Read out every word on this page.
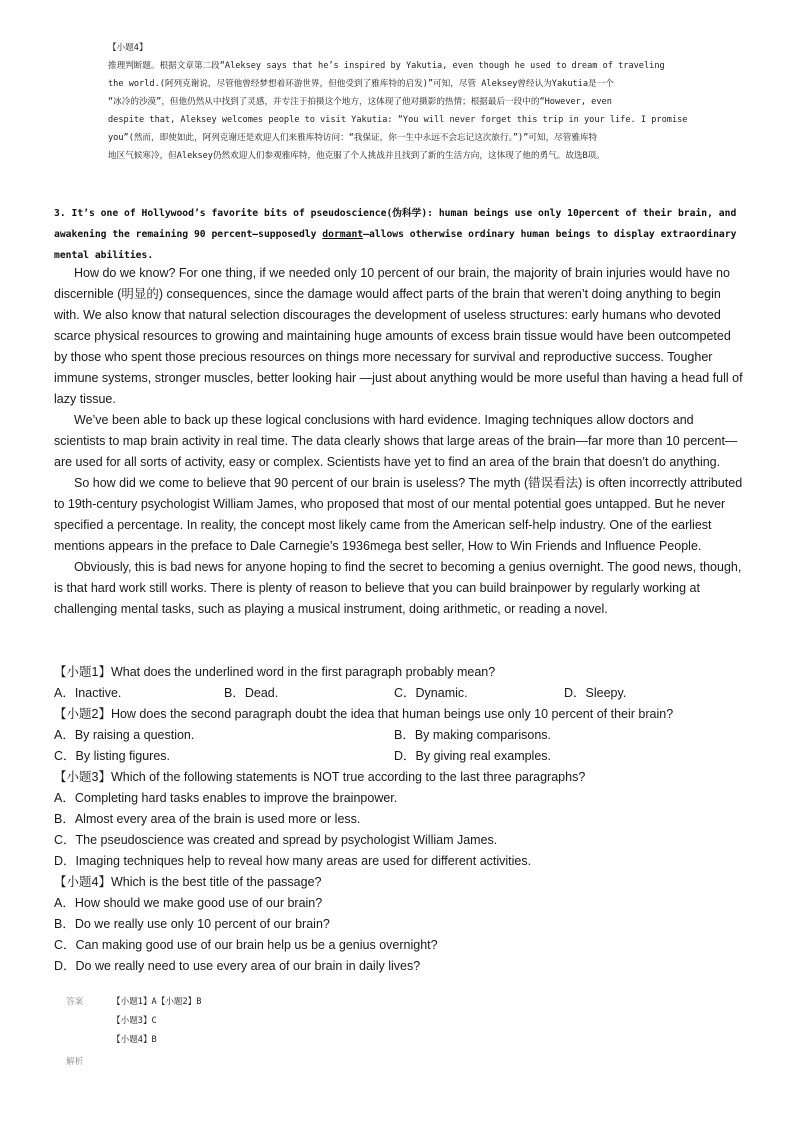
【小题4】

推理判断题。根据文章第二段“Aleksey says that he’s inspired by Yakutia, even though he used to dream of traveling

the world.(阿列克谢说，尽管他曾经梦想着环游世界，但他受到了雅库特的启发)”可知，尽管 Aleksey曾经认为Yakutia是一个

“冰冷的沙漠”，但他仍然从中找到了灵感，并专注于拍摄这个地方，这体现了他对摄影的热情；根据最后一段中的“However, even

despite that, Aleksey welcomes people to visit Yakutia: “You will never forget this trip in your life. I promise

you”(然而，即使如此，阿列克谢还是欢迎人们来雅库特访问：“我保证，你一生中永远不会忘记这次旅行。”)”可知，尽管雅库特

地区气候寒冷，但Aleksey仍然欢迎人们参观雅库特，他克服了个人挑战并且找到了新的生活方向，这体现了他的勇气。故选B项。

3. It’s one of Hollywood’s favorite bits of pseudoscience(伪科学): human beings use only 10percent of their brain, and awakening the remaining 90 percent—supposedly dormant—allows otherwise ordinary human beings to display extraordinary mental abilities.

How do we know? For one thing, if we needed only 10 percent of our brain, the majority of brain injuries would have no discernible (明显的) consequences, since the damage would affect parts of the brain that weren’t doing anything to begin with. We also know that natural selection discourages the development of useless structures: early humans who devoted scarce physical resources to growing and maintaining huge amounts of excess brain tissue would have been outcompeted by those who spent those precious resources on things more necessary for survival and reproductive success. Tougher immune systems, stronger muscles, better looking hair —just about anything would be more useful than having a head full of lazy tissue.

We’ve been able to back up these logical conclusions with hard evidence. Imaging techniques allow doctors and scientists to map brain activity in real time. The data clearly shows that large areas of the brain—far more than 10 percent—are used for all sorts of activity, easy or complex. Scientists have yet to find an area of the brain that doesn’t do anything.

So how did we come to believe that 90 percent of our brain is useless? The myth (错误看法) is often incorrectly attributed to 19th-century psychologist William James, who proposed that most of our mental potential goes untapped. But he never specified a percentage. In reality, the concept most likely came from the American self-help industry. One of the earliest mentions appears in the preface to Dale Carnegie’s 1936mega best seller, How to Win Friends and Influence People.

Obviously, this is bad news for anyone hoping to find the secret to becoming a genius overnight. The good news, though, is that hard work still works. There is plenty of reason to believe that you can build brainpower by regularly working at challenging mental tasks, such as playing a musical instrument, doing arithmetic, or reading a novel.

【小题1】What does the underlined word in the first paragraph probably mean?

A．Inactive.	B．Dead.	C．Dynamic.	D．Sleepy.

【小题2】How does the second paragraph doubt the idea that human beings use only 10 percent of their brain?

A．By raising a question.	B．By making comparisons.
C．By listing figures.	D．By giving real examples.

【小题3】Which of the following statements is NOT true according to the last three paragraphs?

A．Completing hard tasks enables to improve the brainpower.

B．Almost every area of the brain is used more or less.

C．The pseudoscience was created and spread by psychologist William James.

D．Imaging techniques help to reveal how many areas are used for different activities.

【小题4】Which is the best title of the passage?

A．How should we make good use of our brain?

B．Do we really use only 10 percent of our brain?

C．Can making good use of our brain help us be a genius overnight?

D．Do we really need to use every area of our brain in daily lives?

答案	【小题1】A【小题2】B
【小题3】C
【小题4】B
解析
